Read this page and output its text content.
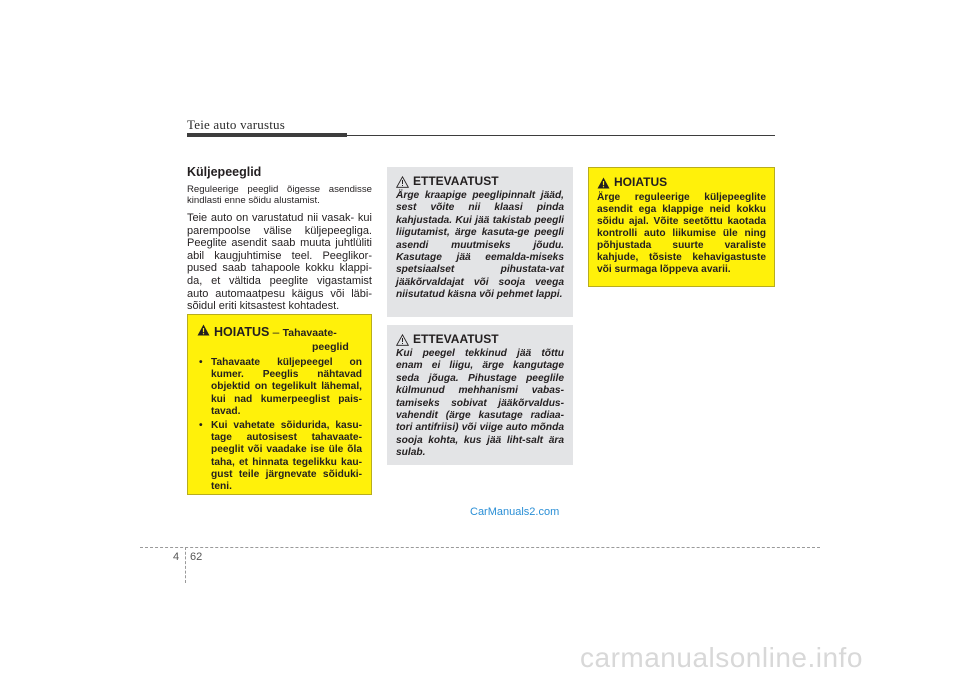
Teie auto varustus
Küljepeeglid

Reguleerige peeglid õigesse asendisse kindlasti enne sõidu alustamist.

Teie auto on varustatud nii vasak- kui parempoolse välise küljepeegliga. Peeglite asendit saab muuta juhtlüliti abil kaugjuhtimise teel. Peeglikor-pused saab tahapoole kokku klappi-da, et vältida peeglite vigastamist auto automaatpesu käigus või läbi-sõidul eriti kitsastest kohtadest.

HOIATUS – Tahavaate-
peeglid
• Tahavaate küljepeegel on kumer. Peeglis nähtavad objektid on tegelikult lähemal, kui nad kumerpeeglist pais-tavad.
• Kui vahetate sõidurida, kasu-tage autosisest tahavaate-peeglit või vaadake ise üle õla taha, et hinnata tegelikku kau-gust teile järgnevate sõiduki-teni.
ETTEVAATUST

Ärge kraapige peeglipinnalt jääd, sest võite nii klaasi pinda kahjustada. Kui jää takistab peegli liigutamist, ärge kasuta-ge peegli asendi muutmiseks jõudu. Kasutage jää eemalda-miseks spetsiaalset pihustata-vat jääkõrvaldajat või sooja veega niisutatud käsna või pehmet lappi.

ETTEVAATUST

Kui peegel tekkinud jää tõttu enam ei liigu, ärge kangutage seda jõuga. Pihustage peeglile külmunud mehhanismi vabas-tamiseks sobivat jääkõrvaldus-vahendit (ärge kasutage radiaa-tori antifriisi) või viige auto mõnda sooja kohta, kus jää liht-salt ära sulab.

HOIATUS

Ärge reguleerige küljepeeglite asendit ega klappige neid kokku sõidu ajal. Võite seetõttu kaotada kontrolli auto liikumise üle ning põhjustada suurte varaliste kahjude, tõsiste kehavigastuste või surmaga lõppeva avarii.

CarManuals2.com
4 62
carmanualsonline.info
